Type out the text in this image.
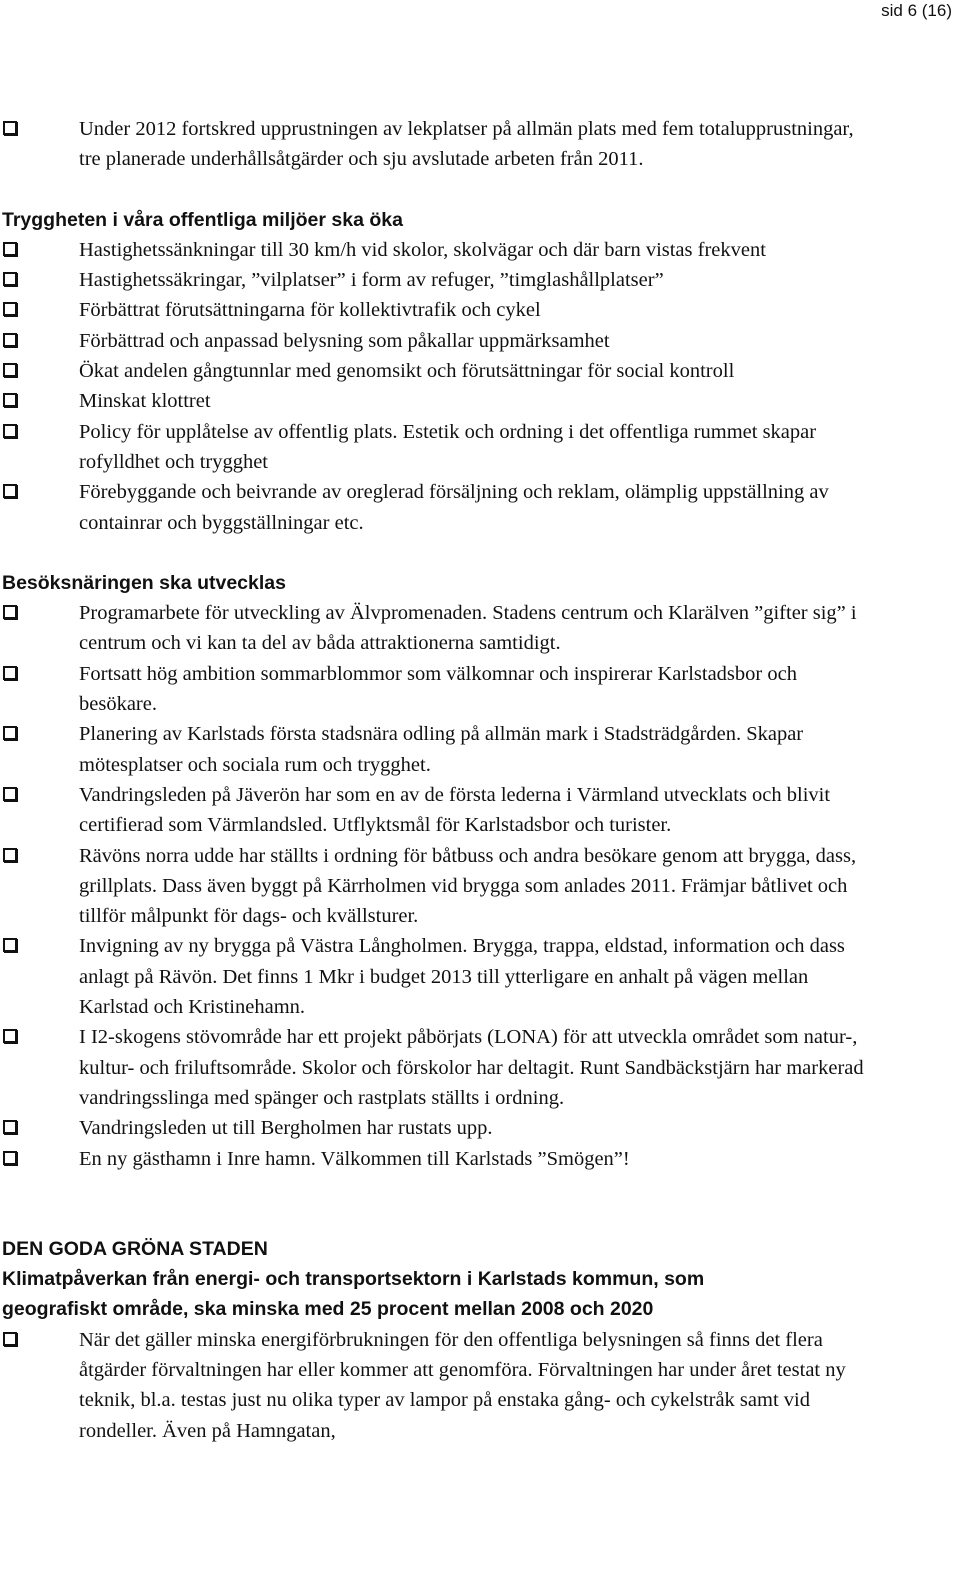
sid 6 (16)
Under 2012 fortskred upprustningen av lekplatser på allmän plats med fem totalupprustningar, tre planerade underhållsåtgärder och sju avslutade arbeten från 2011.
Tryggheten i våra offentliga miljöer ska öka
Hastighetssänkningar till 30 km/h vid skolor, skolvägar och där barn vistas frekvent
Hastighetssäkringar, ”vilplatser” i form av refuger, ”timglashållplatser”
Förbättrat förutsättningarna för kollektivtrafik och cykel
Förbättrad och anpassad belysning som påkallar uppmärksamhet
Ökat andelen gångtunnlar med genomsikt och förutsättningar för social kontroll
Minskat klottret
Policy för upplåtelse av offentlig plats. Estetik och ordning i det offentliga rummet skapar rofylldhet och trygghet
Förebyggande och beivrande av oreglerad försäljning och reklam, olämplig uppställning av containrar och byggställningar etc.
Besöksnäringen ska utvecklas
Programarbete för utveckling av Älvpromenaden. Stadens centrum och Klarälven ”gifter sig” i centrum och vi kan ta del av båda attraktionerna samtidigt.
Fortsatt hög ambition sommarblommor som välkomnar och inspirerar Karlstadsbor och besökare.
Planering av Karlstads första stadsnära odling på allmän mark i Stadsträdgården. Skapar mötesplatser och sociala rum och trygghet.
Vandringsleden på Jäverön har som en av de första lederna i Värmland utvecklats och blivit certifierad som Värmlandsled. Utflyktsmål för Karlstadsbor och turister.
Rävöns norra udde har ställts i ordning för båtbuss och andra besökare genom att brygga, dass, grillplats. Dass även byggt på Kärrholmen vid brygga som anlades 2011. Främjar båtlivet och tillför målpunkt för dags- och kvällsturer.
Invigning av ny brygga på Västra Långholmen. Brygga, trappa, eldstad, information och dass anlagt på Rävön. Det finns 1 Mkr i budget 2013 till ytterligare en anhalt på vägen mellan Karlstad och Kristinehamn.
I I2-skogens stövområde har ett projekt påbörjats (LONA) för att utveckla området som natur-, kultur- och friluftsområde. Skolor och förskolor har deltagit. Runt Sandbäckstjärn har markerad vandringsslinga med spänger och rastplats ställts i ordning.
Vandringsleden ut till Bergholmen har rustats upp.
En ny gästhamn i Inre hamn. Välkommen till Karlstads ”Smögen”!
DEN GODA GRÖNA STADEN
Klimatpåverkan från energi- och transportsektorn i Karlstads kommun, som geografiskt område, ska minska med 25 procent mellan 2008 och 2020
När det gäller minska energiförbrukningen för den offentliga belysningen så finns det flera åtgärder förvaltningen har eller kommer att genomföra. Förvaltningen har under året testat ny teknik, bl.a. testas just nu olika typer av lampor på enstaka gång- och cykelstråk samt vid rondeller. Även på Hamngatan,
